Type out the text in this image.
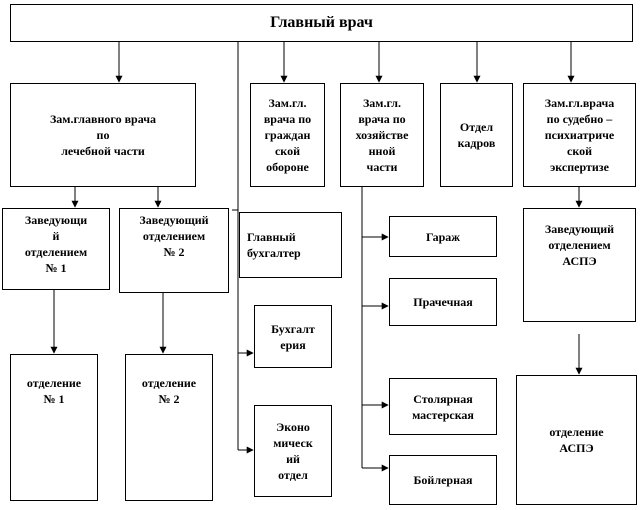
Главный врач
Зам.главного врача
по
лечебной части
Зам.гл.
врача по
граждан
ской
обороне
Зам.гл.
врача по
хозяйстве
нной
части
Отдел
кадров
Зам.гл.врача
по судебно –
психиатриче
ской
экспертизе
Заведующи
й
отделением
№ 1
Заведующий
отделением
№ 2
Главный
бухгалтер
Заведующий
отделением
АСПЭ
Гараж
Прачечная
Бухгалт
ерия
отделение
№ 1
отделение
№ 2	Столярная
мастерская
Эконо
мическ
ий
отдел	Бойлерная
отделение
АСПЭ
